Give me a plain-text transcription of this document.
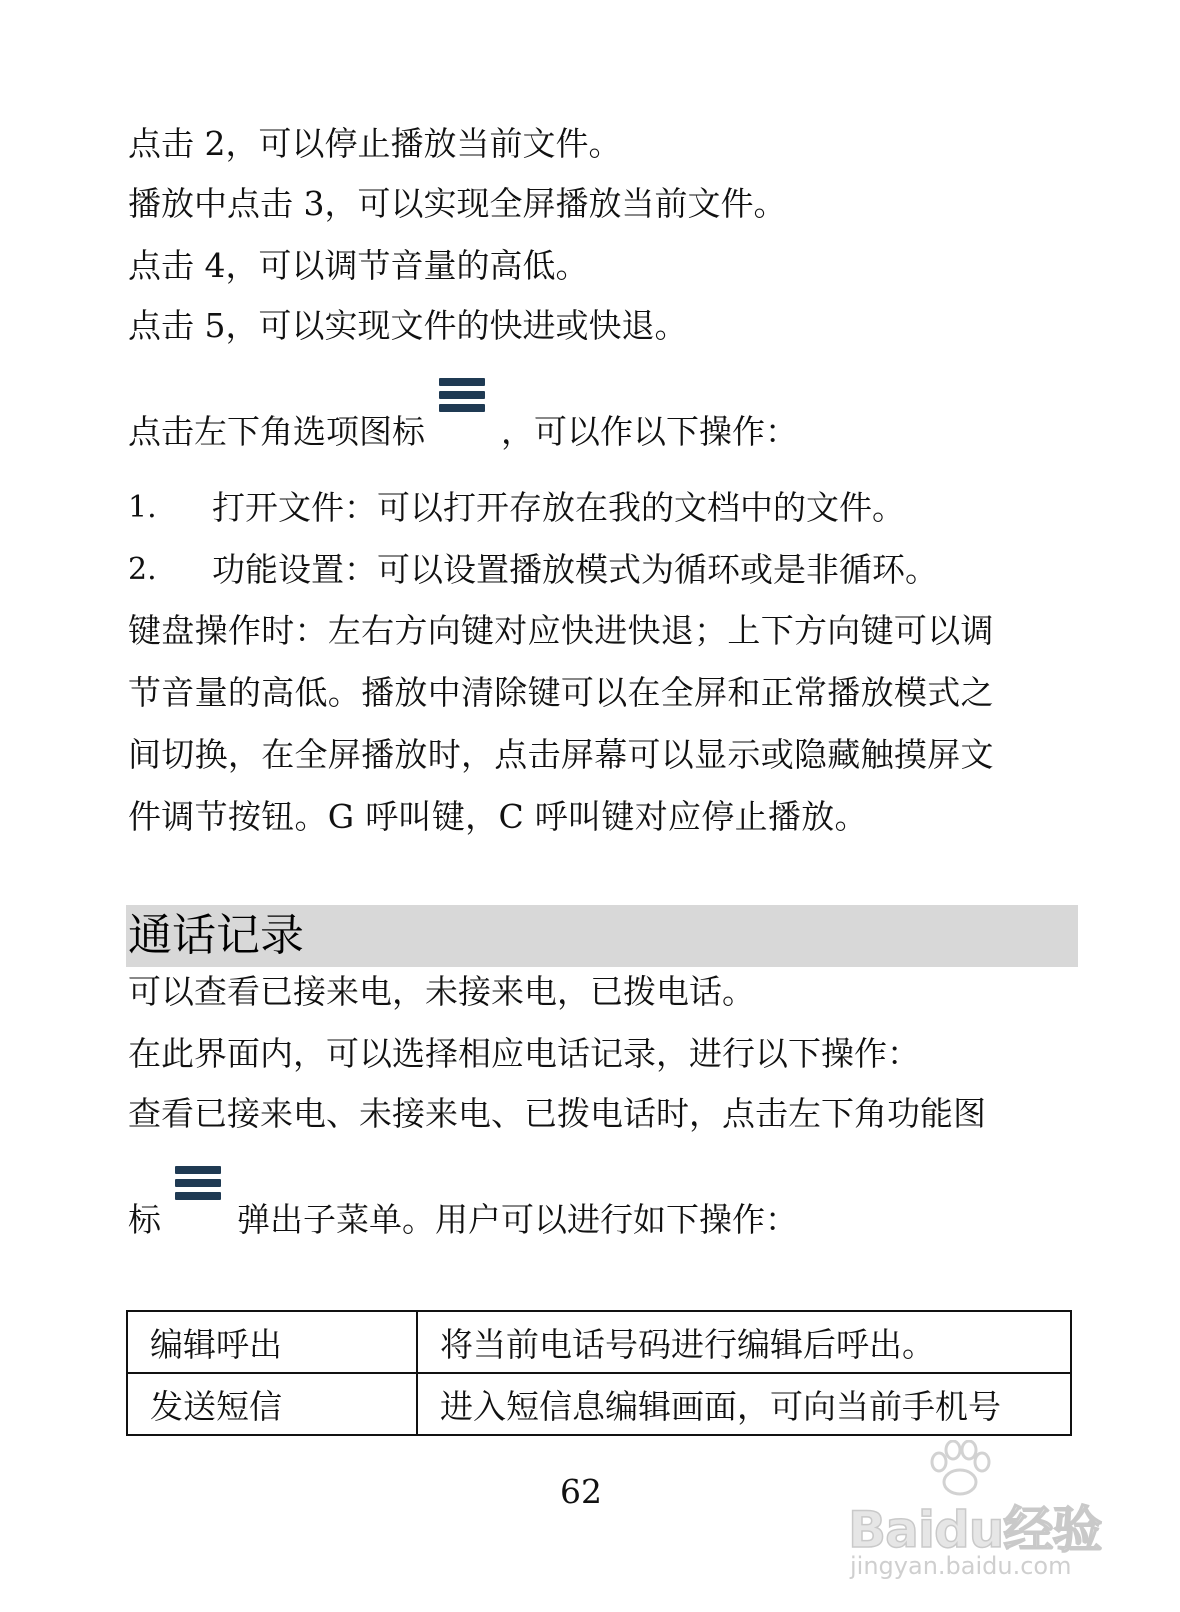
点击 2，可以停止播放当前文件。
播放中点击 3，可以实现全屏播放当前文件。
点击 4，可以调节音量的高低。
点击 5，可以实现文件的快进或快退。
点击左下角选项图标 ，可以作以下操作：
1. 打开文件：可以打开存放在我的文档中的文件。
2. 功能设置：可以设置播放模式为循环或是非循环。
键盘操作时：左右方向键对应快进快退；上下方向键可以调
节音量的高低。播放中清除键可以在全屏和正常播放模式之
间切换，在全屏播放时，点击屏幕可以显示或隐藏触摸屏文
件调节按钮。G 呼叫键，C 呼叫键对应停止播放。
通话记录
可以查看已接来电，未接来电，已拨电话。
在此界面内，可以选择相应电话记录，进行以下操作：
查看已接来电、未接来电、已拨电话时，点击左下角功能图
标 弹出子菜单。用户可以进行如下操作：
编辑呼出	将当前电话号码进行编辑后呼出。
发送短信	进入短信息编辑画面，可向当前手机号
62
Baidu经验
jingyan.baidu.com
